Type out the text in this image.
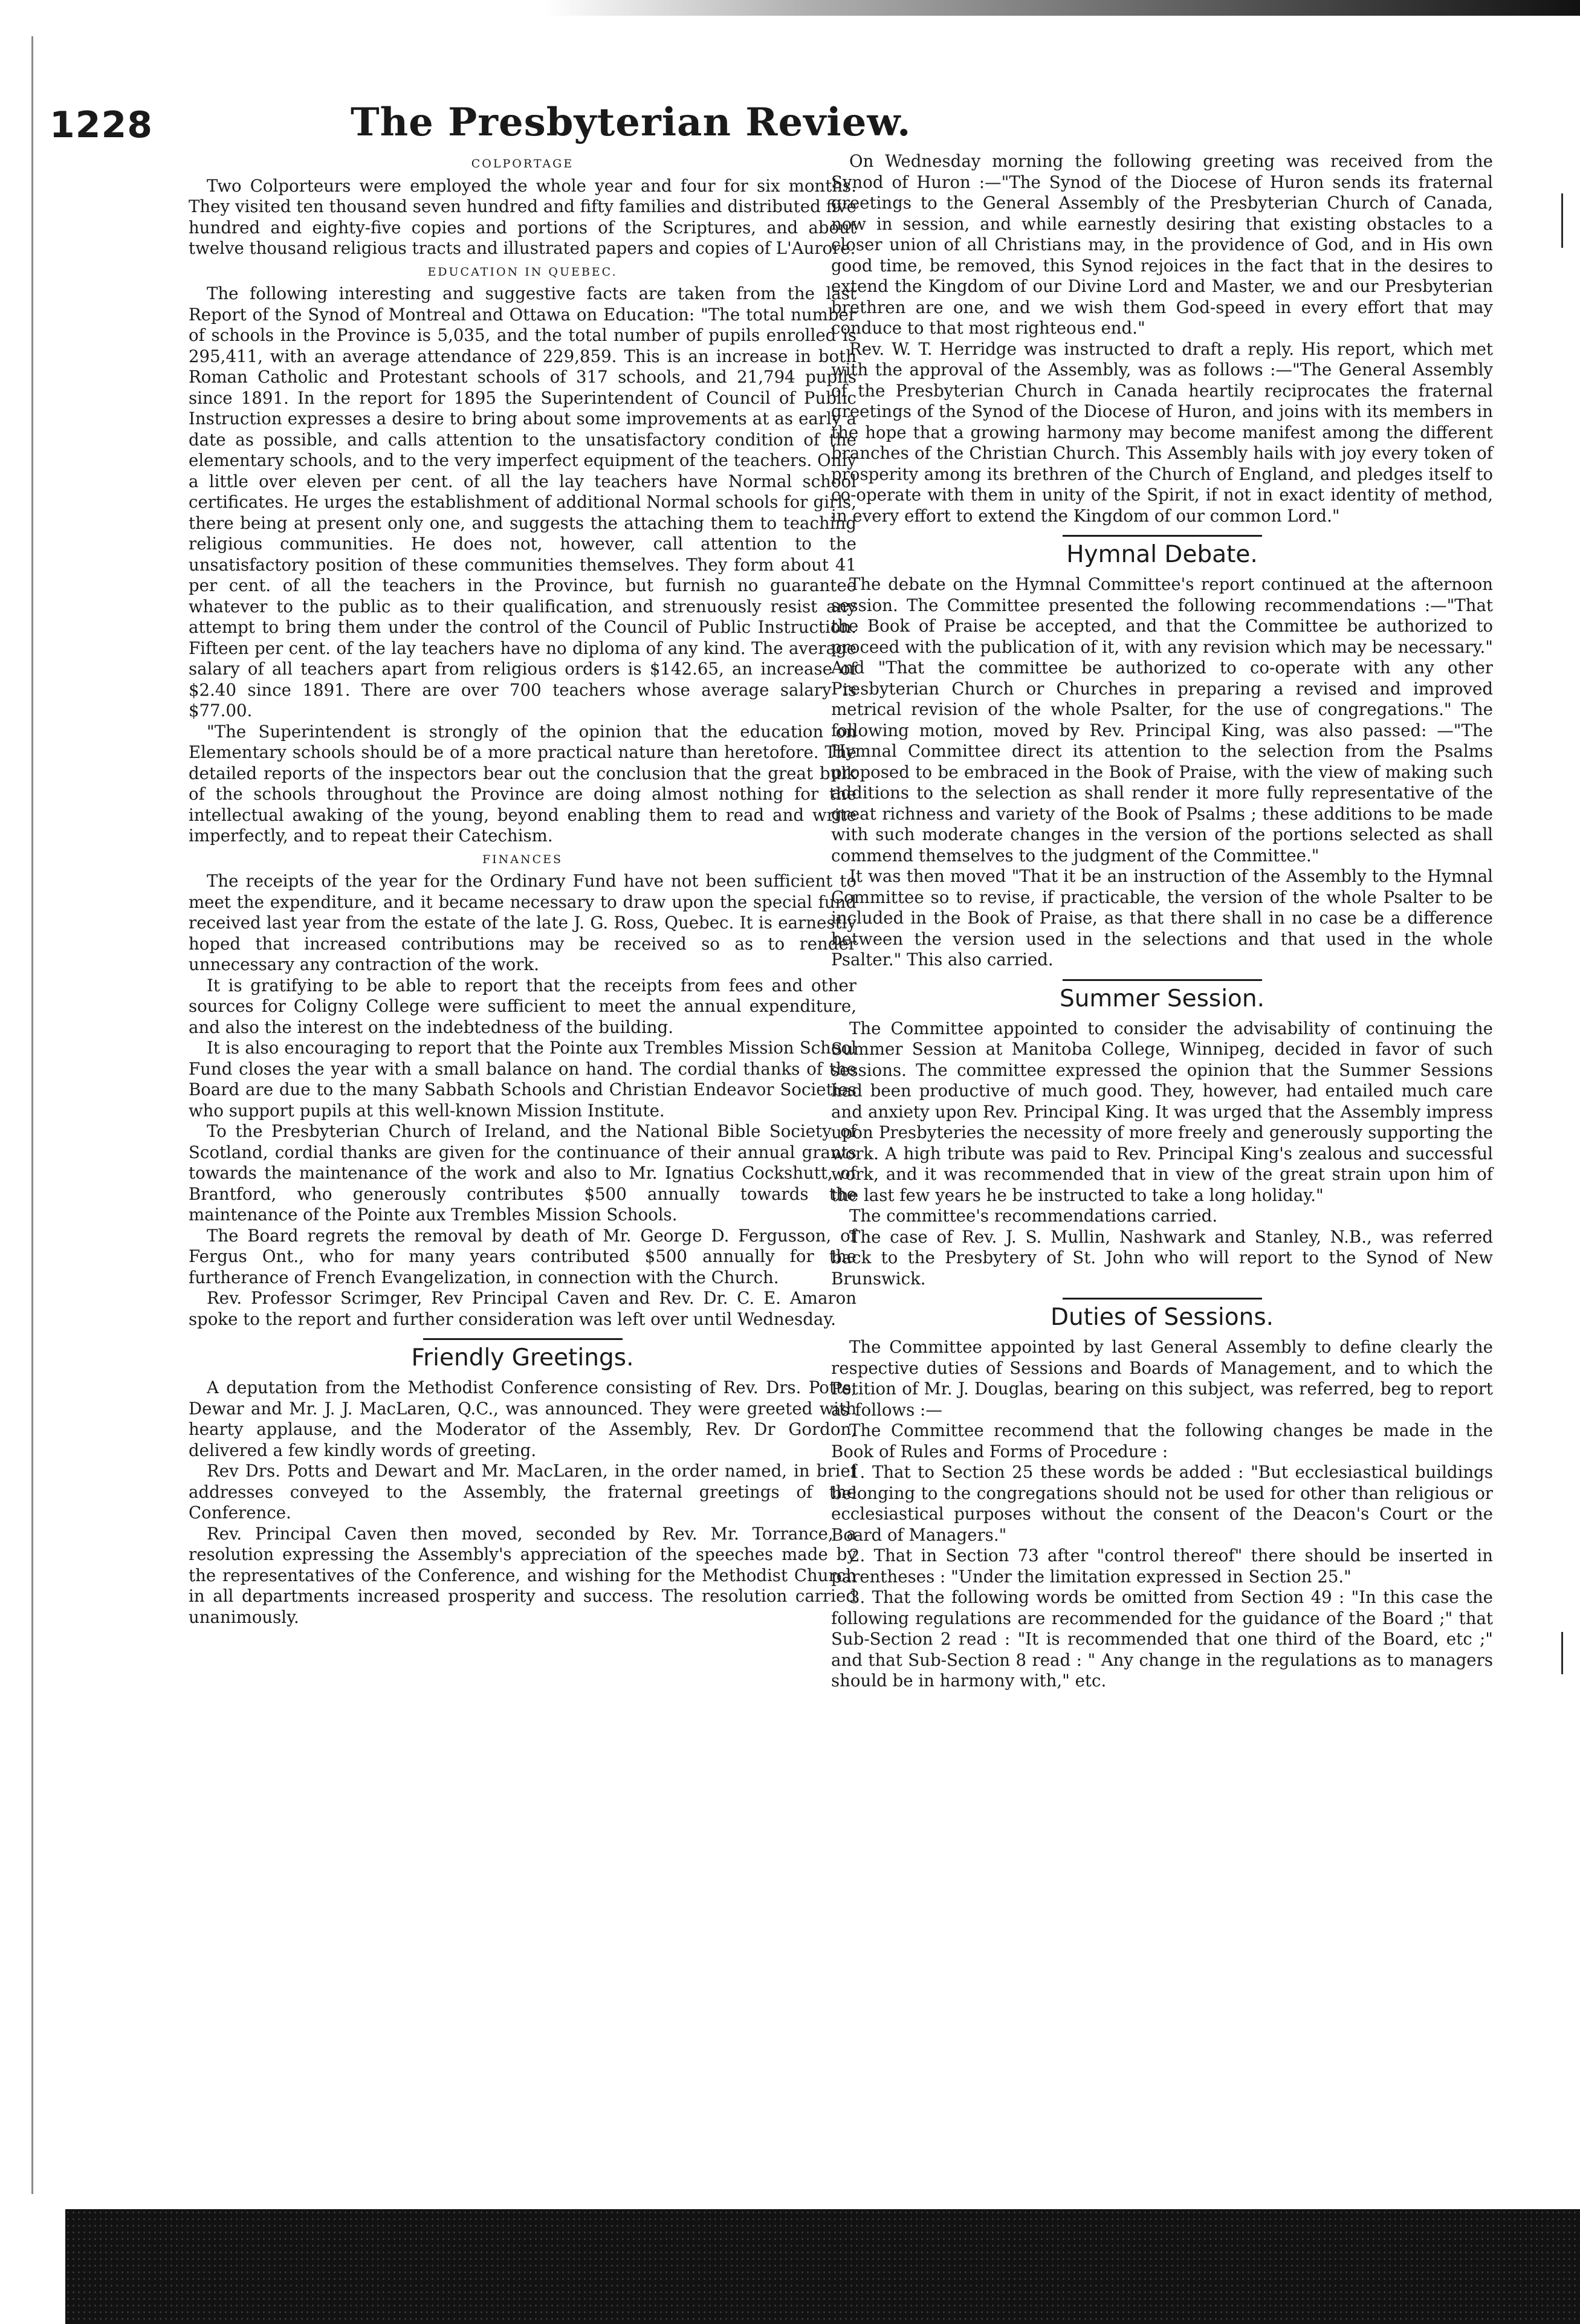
1228	The Presbyterian Review.
COLPORTAGE

Two Colporteurs were employed the whole year and four for six months. They visited ten thousand seven hundred and fifty families and distributed five hundred and eighty-five copies and portions of the Scriptures, and about twelve thousand religious tracts and illustrated papers and copies of L'Aurore.

EDUCATION IN QUEBEC.

The following interesting and suggestive facts are taken from the last Report of the Synod of Montreal and Ottawa on Education: "The total number of schools in the Province is 5,035, and the total number of pupils enrolled is 295,411, with an average attendance of 229,859. This is an increase in both Roman Catholic and Protestant schools of 317 schools, and 21,794 pupils since 1891. In the report for 1895 the Superintendent of Council of Public Instruction expresses a desire to bring about some improvements at as early a date as possible, and calls attention to the unsatisfactory condition of the elementary schools, and to the very imperfect equipment of the teachers. Only a little over eleven per cent. of all the lay teachers have Normal school certificates. He urges the establishment of additional Normal schools for girls, there being at present only one, and suggests the attaching them to teaching religious communities. He does not, however, call attention to the unsatisfactory position of these communities themselves. They form about 41 per cent. of all the teachers in the Province, but furnish no guarantee whatever to the public as to their qualification, and strenuously resist any attempt to bring them under the control of the Council of Public Instruction. Fifteen per cent. of the lay teachers have no diploma of any kind. The average salary of all teachers apart from religious orders is $142.65, an increase of $2.40 since 1891. There are over 700 teachers whose average salary is $77.00.

"The Superintendent is strongly of the opinion that the education on Elementary schools should be of a more practical nature than heretofore. The detailed reports of the inspectors bear out the conclusion that the great bulk of the schools throughout the Province are doing almost nothing for the intellectual awaking of the young, beyond enabling them to read and write imperfectly, and to repeat their Catechism.

FINANCES

The receipts of the year for the Ordinary Fund have not been sufficient to meet the expenditure, and it became necessary to draw upon the special fund received last year from the estate of the late J. G. Ross, Quebec. It is earnestly hoped that increased contributions may be received so as to render unnecessary any contraction of the work.

It is gratifying to be able to report that the receipts from fees and other sources for Coligny College were sufficient to meet the annual expenditure, and also the interest on the indebtedness of the building.

It is also encouraging to report that the Pointe aux Trembles Mission School Fund closes the year with a small balance on hand. The cordial thanks of the Board are due to the many Sabbath Schools and Christian Endeavor Societies who support pupils at this well-known Mission Institute.

To the Presbyterian Church of Ireland, and the National Bible Society of Scotland, cordial thanks are given for the continuance of their annual grants towards the maintenance of the work and also to Mr. Ignatius Cockshutt, of Brantford, who generously contributes $500 annually towards the maintenance of the Pointe aux Trembles Mission Schools.

The Board regrets the removal by death of Mr. George D. Fergusson, of Fergus Ont., who for many years contributed $500 annually for the furtherance of French Evangelization, in connection with the Church.

Rev. Professor Scrimger, Rev Principal Caven and Rev. Dr. C. E. Amaron spoke to the report and further consideration was left over until Wednesday.

Friendly Greetings.

A deputation from the Methodist Conference consisting of Rev. Drs. Potts, Dewar and Mr. J. J. MacLaren, Q.C., was announced. They were greeted with hearty applause, and the Moderator of the Assembly, Rev. Dr Gordon, delivered a few kindly words of greeting.

Rev Drs. Potts and Dewart and Mr. MacLaren, in the order named, in brief addresses conveyed to the Assembly, the fraternal greetings of the Conference.

Rev. Principal Caven then moved, seconded by Rev. Mr. Torrance, a resolution expressing the Assembly's appreciation of the speeches made by the representatives of the Conference, and wishing for the Methodist Church in all departments increased prosperity and success. The resolution carried unanimously.

On Wednesday morning the following greeting was received from the Synod of Huron :—"The Synod of the Diocese of Huron sends its fraternal greetings to the General Assembly of the Presbyterian Church of Canada, now in session, and while earnestly desiring that existing obstacles to a closer union of all Christians may, in the providence of God, and in His own good time, be removed, this Synod rejoices in the fact that in the desires to extend the Kingdom of our Divine Lord and Master, we and our Presbyterian brethren are one, and we wish them God-speed in every effort that may conduce to that most righteous end."

Rev. W. T. Herridge was instructed to draft a reply. His report, which met with the approval of the Assembly, was as follows :—"The General Assembly of the Presbyterian Church in Canada heartily reciprocates the fraternal greetings of the Synod of the Diocese of Huron, and joins with its members in the hope that a growing harmony may become manifest among the different branches of the Christian Church. This Assembly hails with joy every token of prosperity among its brethren of the Church of England, and pledges itself to co-operate with them in unity of the Spirit, if not in exact identity of method, in every effort to extend the Kingdom of our common Lord."

Hymnal Debate.

The debate on the Hymnal Committee's report continued at the afternoon session. The Committee presented the following recommendations :—"That the Book of Praise be accepted, and that the Committee be authorized to proceed with the publication of it, with any revision which may be necessary." And "That the committee be authorized to co-operate with any other Presbyterian Church or Churches in preparing a revised and improved metrical revision of the whole Psalter, for the use of congregations." The following motion, moved by Rev. Principal King, was also passed: —"The Hymnal Committee direct its attention to the selection from the Psalms proposed to be embraced in the Book of Praise, with the view of making such additions to the selection as shall render it more fully representative of the great richness and variety of the Book of Psalms ; these additions to be made with such moderate changes in the version of the portions selected as shall commend themselves to the judgment of the Committee."

It was then moved "That it be an instruction of the Assembly to the Hymnal Committee so to revise, if practicable, the version of the whole Psalter to be included in the Book of Praise, as that there shall in no case be a difference between the version used in the selections and that used in the whole Psalter." This also carried.

Summer Session.

The Committee appointed to consider the advisability of continuing the Summer Session at Manitoba College, Winnipeg, decided in favor of such sessions. The committee expressed the opinion that the Summer Sessions had been productive of much good. They, however, had entailed much care and anxiety upon Rev. Principal King. It was urged that the Assembly impress upon Presbyteries the necessity of more freely and generously supporting the work. A high tribute was paid to Rev. Principal King's zealous and successful work, and it was recommended that in view of the great strain upon him of the last few years he be instructed to take a long holiday."

The committee's recommendations carried.

The case of Rev. J. S. Mullin, Nashwark and Stanley, N.B., was referred back to the Presbytery of St. John who will report to the Synod of New Brunswick.

Duties of Sessions.

The Committee appointed by last General Assembly to define clearly the respective duties of Sessions and Boards of Management, and to which the Petition of Mr. J. Douglas, bearing on this subject, was referred, beg to report as follows :—

The Committee recommend that the following changes be made in the Book of Rules and Forms of Procedure :

1. That to Section 25 these words be added : "But ecclesiastical buildings belonging to the congregations should not be used for other than religious or ecclesiastical purposes without the consent of the Deacon's Court or the Board of Managers."

2. That in Section 73 after "control thereof" there should be inserted in parentheses : "Under the limitation expressed in Section 25."

3. That the following words be omitted from Section 49 : "In this case the following regulations are recommended for the guidance of the Board ;" that Sub-Section 2 read : "It is recommended that one third of the Board, etc ;" and that Sub-Section 8 read : " Any change in the regulations as to managers should be in harmony with," etc.
